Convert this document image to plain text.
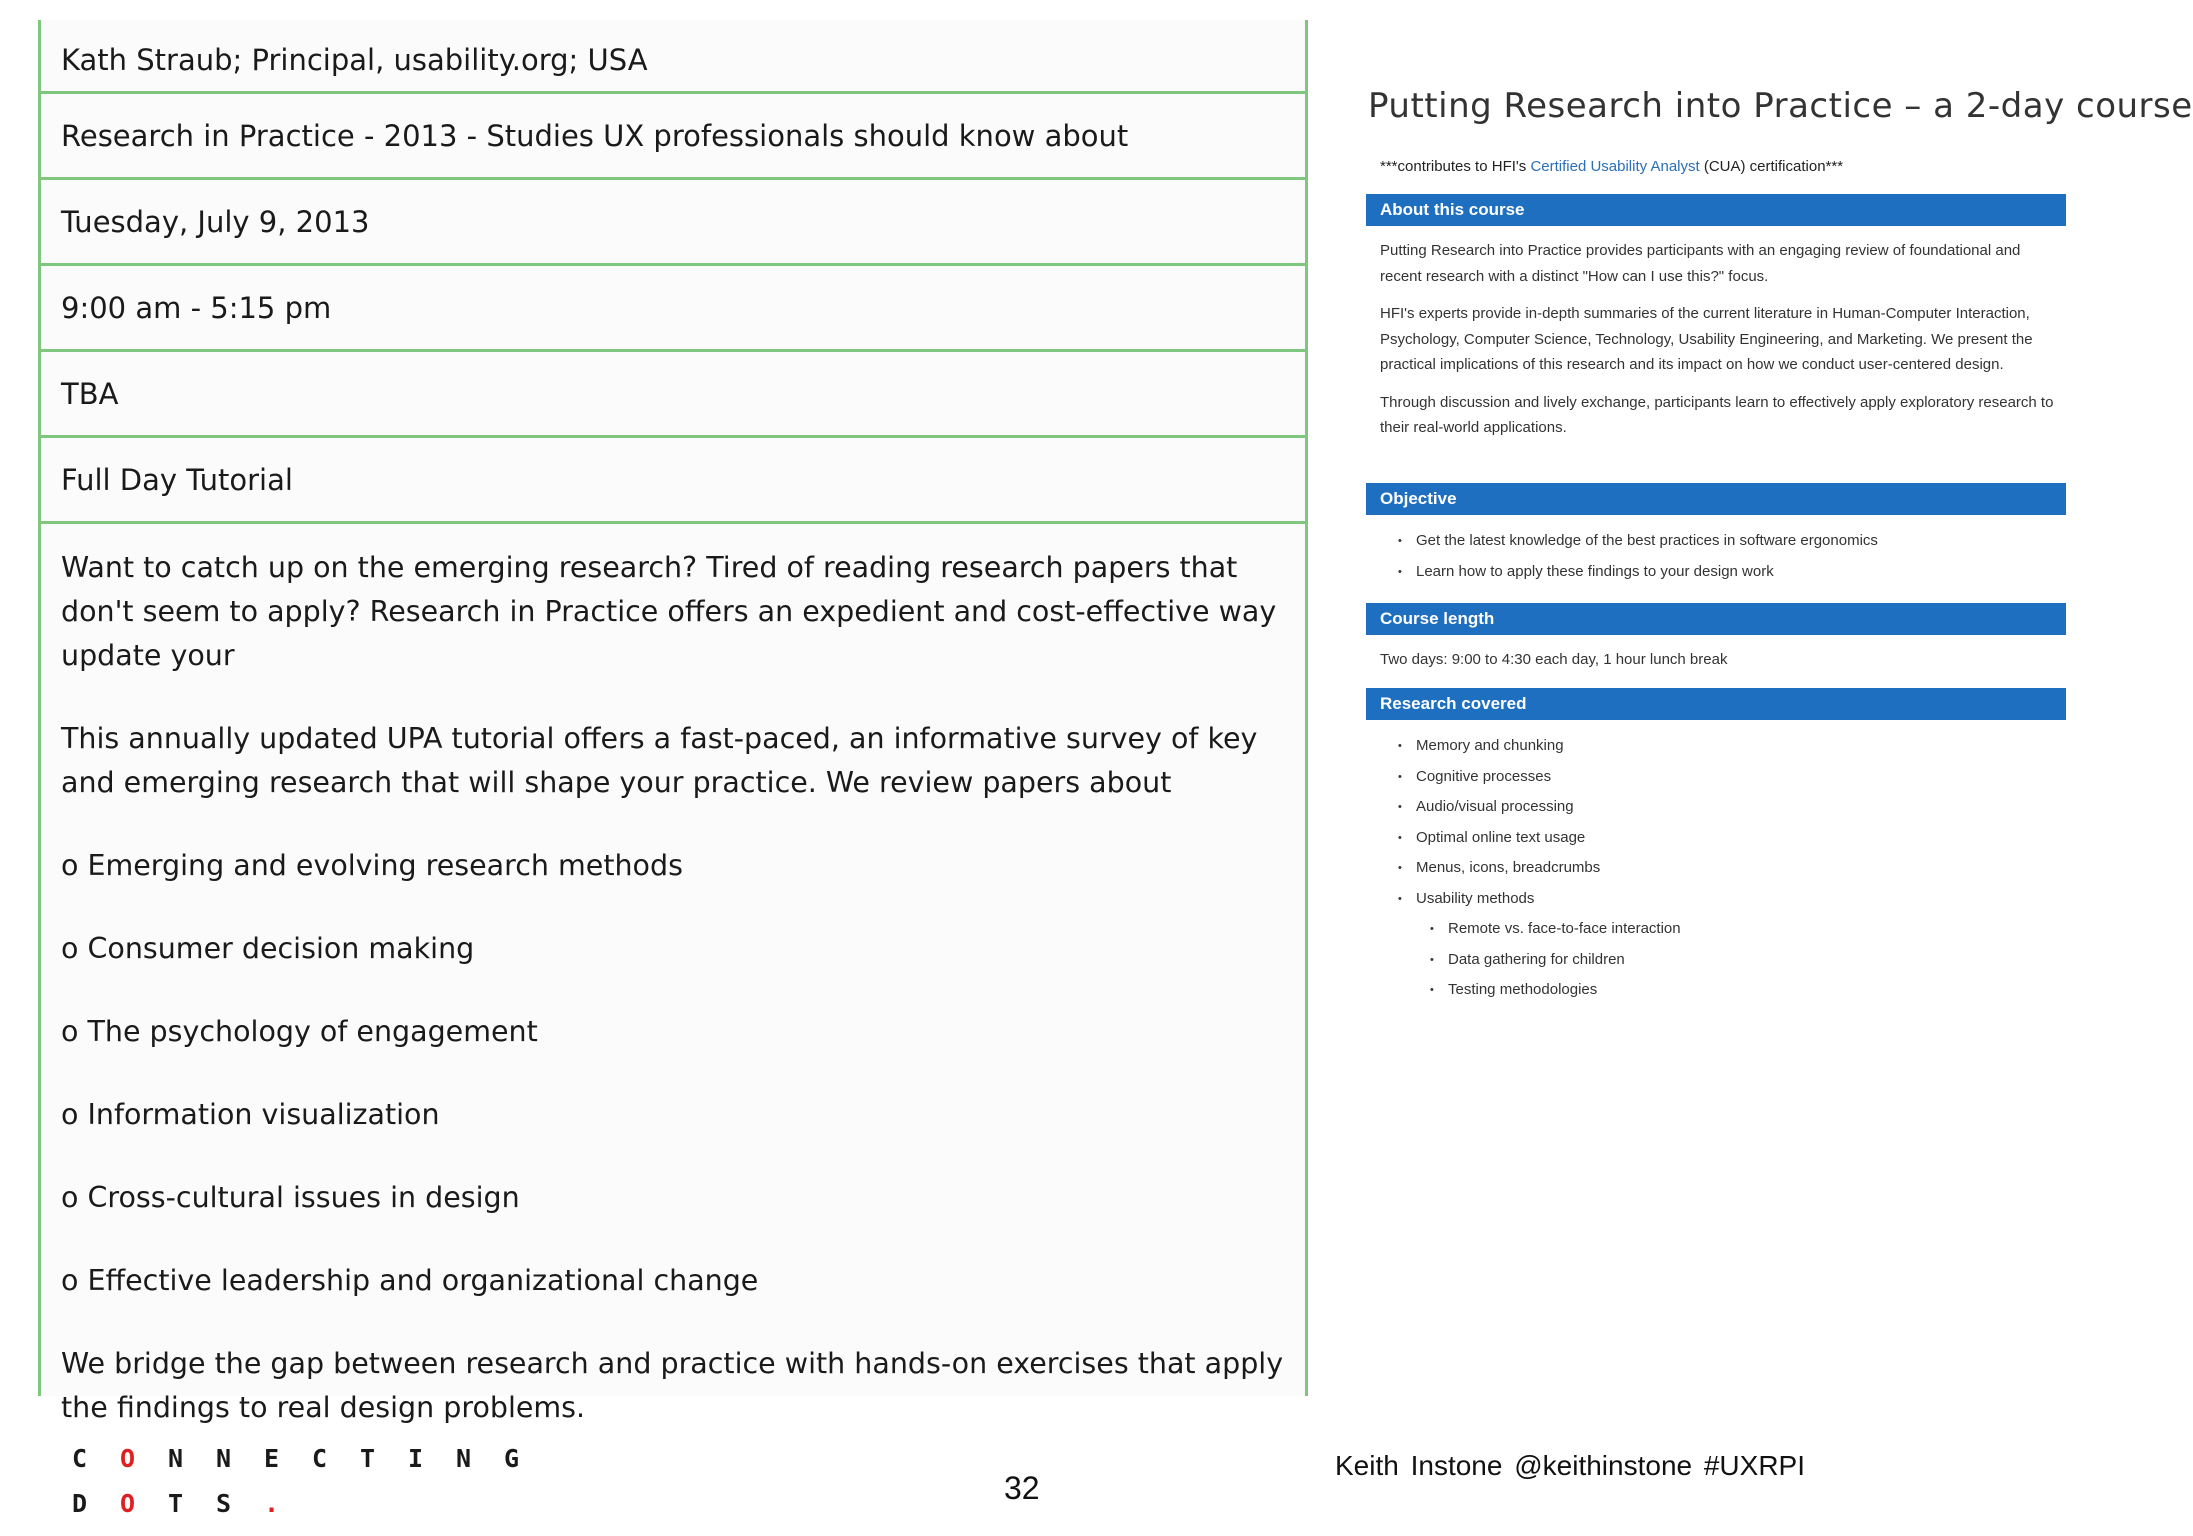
Kath Straub; Principal, usability.org; USA
Research in Practice - 2013 - Studies UX professionals should know about
Tuesday, July 9, 2013
9:00 am - 5:15 pm
TBA
Full Day Tutorial

Want to catch up on the emerging research? Tired of reading research papers that don't seem to apply? Research in Practice offers an expedient and cost-effective way update your

This annually updated UPA tutorial offers a fast-paced, an informative survey of key and emerging research that will shape your practice. We review papers about

o Emerging and evolving research methods
o Consumer decision making
o The psychology of engagement
o Information visualization
o Cross-cultural issues in design
o Effective leadership and organizational change

We bridge the gap between research and practice with hands-on exercises that apply the findings to real design problems.

Putting Research into Practice – a 2-day course
***contributes to HFI's Certified Usability Analyst (CUA) certification***
About this course

Putting Research into Practice provides participants with an engaging review of foundational and recent research with a distinct "How can I use this?" focus.

HFI's experts provide in-depth summaries of the current literature in Human-Computer Interaction, Psychology, Computer Science, Technology, Usability Engineering, and Marketing. We present the practical implications of this research and its impact on how we conduct user-centered design.

Through discussion and lively exchange, participants learn to effectively apply exploratory research to their real-world applications.

Objective
• Get the latest knowledge of the best practices in software ergonomics
• Learn how to apply these findings to your design work
Course length
Two days: 9:00 to 4:30 each day, 1 hour lunch break
Research covered
• Memory and chunking
• Cognitive processes
• Audio/visual processing
• Optimal online text usage
• Menus, icons, breadcrumbs
• Usability methods
• Remote vs. face-to-face interaction
• Data gathering for children
• Testing methodologies
C O N N E C T I N G
D O T S .	32
Keith Instone @keithinstone #UXRPI
